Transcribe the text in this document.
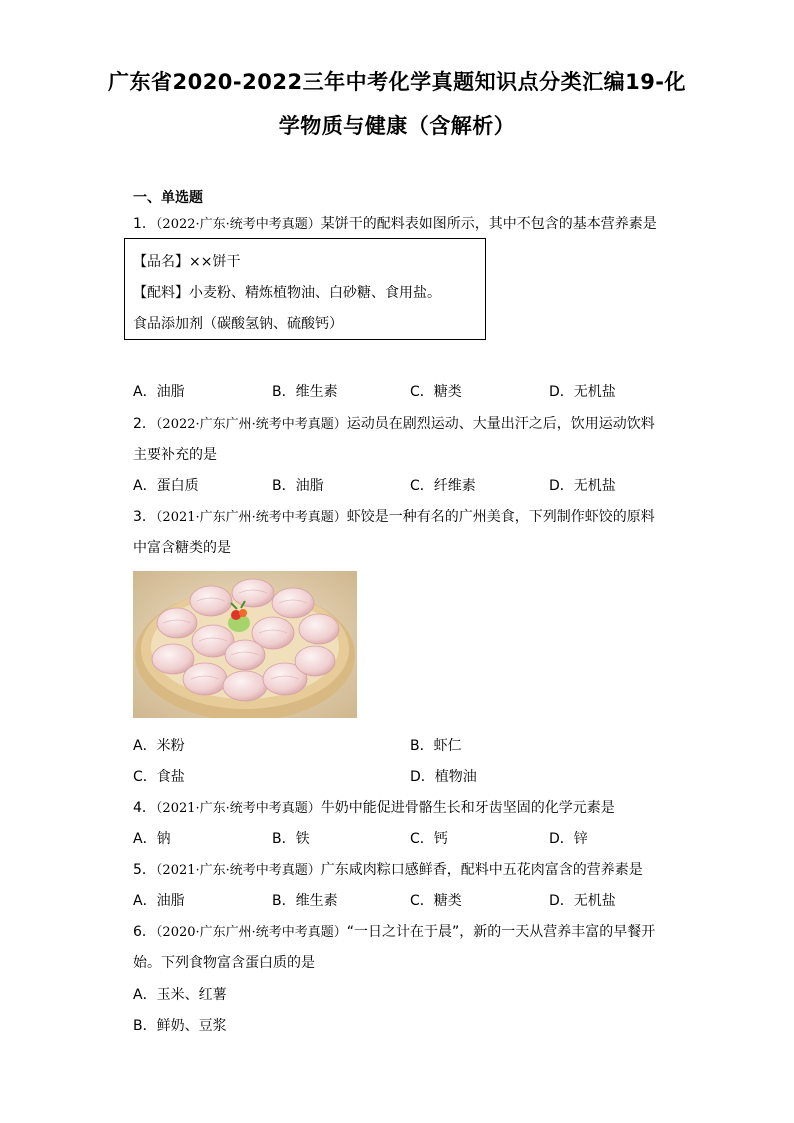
广东省2020-2022三年中考化学真题知识点分类汇编19-化
学物质与健康（含解析）
一、单选题
1．（2022·广东·统考中考真题）某饼干的配料表如图所示，其中不包含的基本营养素是
【品名】××饼干
【配料】小麦粉、精炼植物油、白砂糖、食用盐。
食品添加剂（碳酸氢钠、硫酸钙）
A．油脂	B．维生素	C．糖类	D．无机盐
2．（2022·广东广州·统考中考真题）运动员在剧烈运动、大量出汗之后，饮用运动饮料
主要补充的是
A．蛋白质	B．油脂	C．纤维素	D．无机盐
3．（2021·广东广州·统考中考真题）虾饺是一种有名的广州美食，下列制作虾饺的原料
中富含糖类的是
A．米粉	B．虾仁
C．食盐	D．植物油
4．（2021·广东·统考中考真题）牛奶中能促进骨骼生长和牙齿坚固的化学元素是
A．钠	B．铁	C．钙	D．锌
5．（2021·广东·统考中考真题）广东咸肉粽口感鲜香，配料中五花肉富含的营养素是
A．油脂	B．维生素	C．糖类	D．无机盐
6．（2020·广东广州·统考中考真题）“一日之计在于晨”，新的一天从营养丰富的早餐开
始。下列食物富含蛋白质的是
A．玉米、红薯
B．鲜奶、豆浆
